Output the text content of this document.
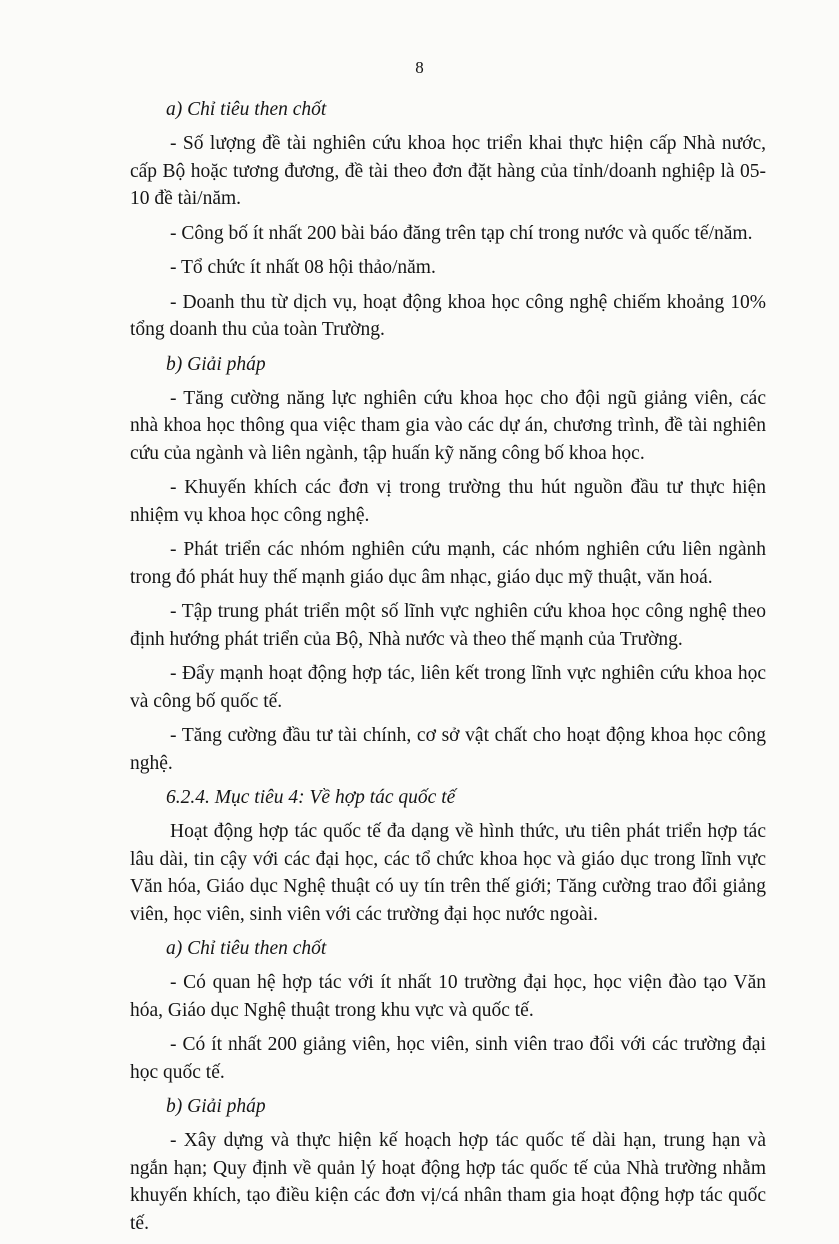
8
a) Chỉ tiêu then chốt

- Số lượng đề tài nghiên cứu khoa học triển khai thực hiện cấp Nhà nước, cấp Bộ hoặc tương đương, đề tài theo đơn đặt hàng của tỉnh/doanh nghiệp là 05-10 đề tài/năm.

- Công bố ít nhất 200 bài báo đăng trên tạp chí trong nước và quốc tế/năm.

- Tổ chức ít nhất 08 hội thảo/năm.

- Doanh thu từ dịch vụ, hoạt động khoa học công nghệ chiếm khoảng 10% tổng doanh thu của toàn Trường.

b) Giải pháp

- Tăng cường năng lực nghiên cứu khoa học cho đội ngũ giảng viên, các nhà khoa học thông qua việc tham gia vào các dự án, chương trình, đề tài nghiên cứu của ngành và liên ngành, tập huấn kỹ năng công bố khoa học.

- Khuyến khích các đơn vị trong trường thu hút nguồn đầu tư thực hiện nhiệm vụ khoa học công nghệ.

- Phát triển các nhóm nghiên cứu mạnh, các nhóm nghiên cứu liên ngành trong đó phát huy thế mạnh giáo dục âm nhạc, giáo dục mỹ thuật, văn hoá.

- Tập trung phát triển một số lĩnh vực nghiên cứu khoa học công nghệ theo định hướng phát triển của Bộ, Nhà nước và theo thế mạnh của Trường.

- Đẩy mạnh hoạt động hợp tác, liên kết trong lĩnh vực nghiên cứu khoa học và công bố quốc tế.

- Tăng cường đầu tư tài chính, cơ sở vật chất cho hoạt động khoa học công nghệ.

6.2.4. Mục tiêu 4: Về hợp tác quốc tế

Hoạt động hợp tác quốc tế đa dạng về hình thức, ưu tiên phát triển hợp tác lâu dài, tin cậy với các đại học, các tổ chức khoa học và giáo dục trong lĩnh vực Văn hóa, Giáo dục Nghệ thuật có uy tín trên thế giới; Tăng cường trao đổi giảng viên, học viên, sinh viên với các trường đại học nước ngoài.

a) Chỉ tiêu then chốt

- Có quan hệ hợp tác với ít nhất 10 trường đại học, học viện đào tạo Văn hóa, Giáo dục Nghệ thuật trong khu vực và quốc tế.

- Có ít nhất 200 giảng viên, học viên, sinh viên trao đổi với các trường đại học quốc tế.

b) Giải pháp

- Xây dựng và thực hiện kế hoạch hợp tác quốc tế dài hạn, trung hạn và ngắn hạn; Quy định về quản lý hoạt động hợp tác quốc tế của Nhà trường nhằm khuyến khích, tạo điều kiện các đơn vị/cá nhân tham gia hoạt động hợp tác quốc tế.
